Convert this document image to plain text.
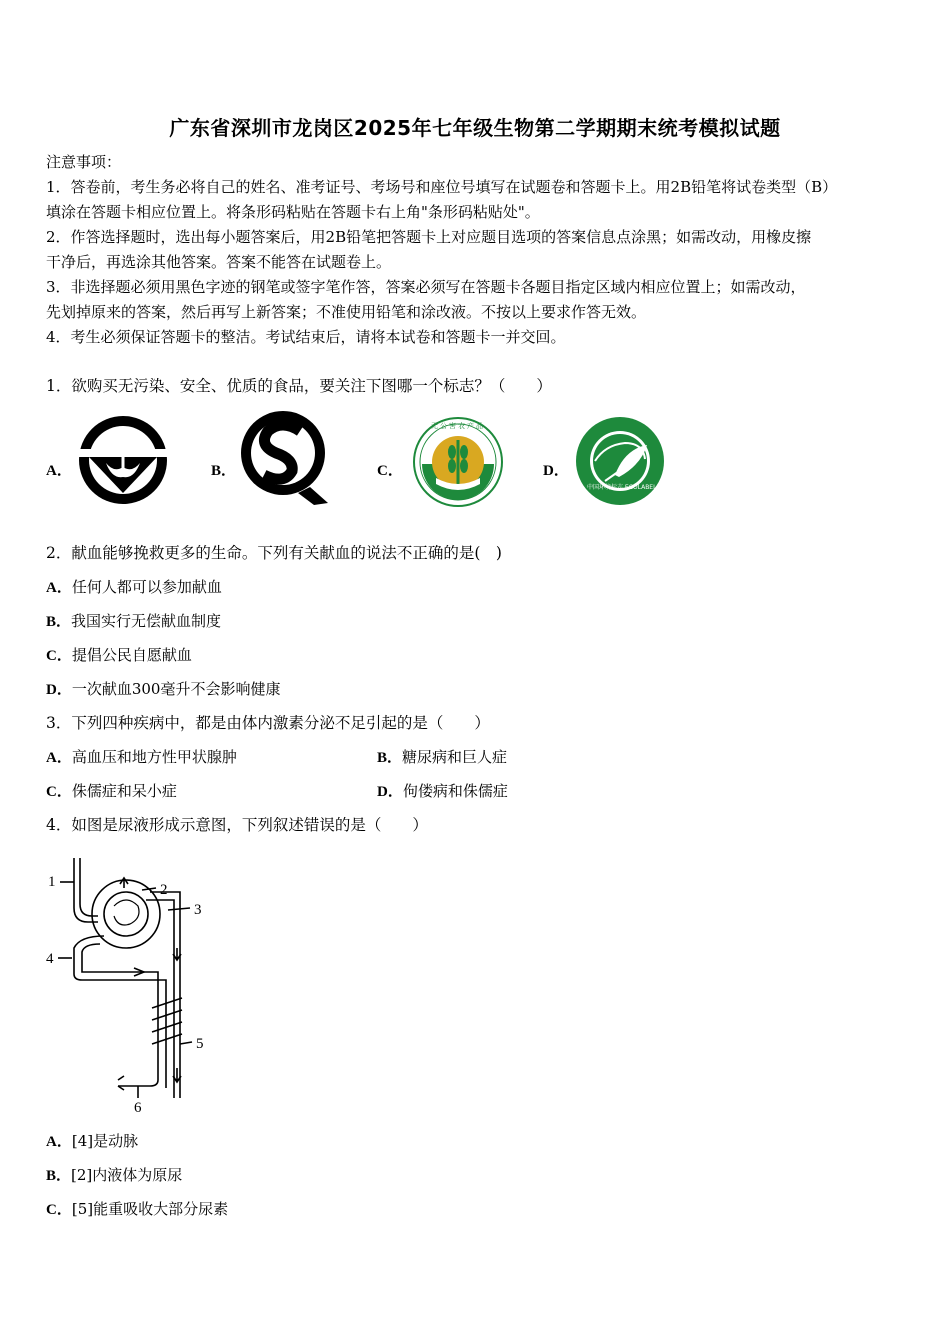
广东省深圳市龙岗区2025年七年级生物第二学期期末统考模拟试题
注意事项：
1．答卷前，考生务必将自己的姓名、准考证号、考场号和座位号填写在试题卷和答题卡上。用2B铅笔将试卷类型（B）
填涂在答题卡相应位置上。将条形码粘贴在答题卡右上角"条形码粘贴处"。
2．作答选择题时，选出每小题答案后，用2B铅笔把答题卡上对应题目选项的答案信息点涂黑；如需改动，用橡皮擦
干净后，再选涂其他答案。答案不能答在试题卷上。
3．非选择题必须用黑色字迹的钢笔或签字笔作答，答案必须写在答题卡各题目指定区域内相应位置上；如需改动，
先划掉原来的答案，然后再写上新答案；不准使用铅笔和涂改液。不按以上要求作答无效。
4．考生必须保证答题卡的整洁。考试结束后，请将本试卷和答题卡一并交回。
1．欲购买无污染、安全、优质的食品，要关注下图哪一个标志？（　　）
A．	B．	C．
无公害农产品
D．
中国环境标志 ECOLABELLING
2．献血能够挽救更多的生命。下列有关献血的说法不正确的是(　)
A．任何人都可以参加献血
B．我国实行无偿献血制度
C．提倡公民自愿献血
D．一次献血300毫升不会影响健康
3．下列四种疾病中，都是由体内激素分泌不足引起的是（　　）
A．高血压和地方性甲状腺肿	B．糖尿病和巨人症
C．侏儒症和呆小症	D．佝偻病和侏儒症
4．如图是尿液形成示意图，下列叙述错误的是（　　）
1	2
3
4
5
6
A．[4]是动脉
B．[2]内液体为原尿
C．[5]能重吸收大部分尿素
